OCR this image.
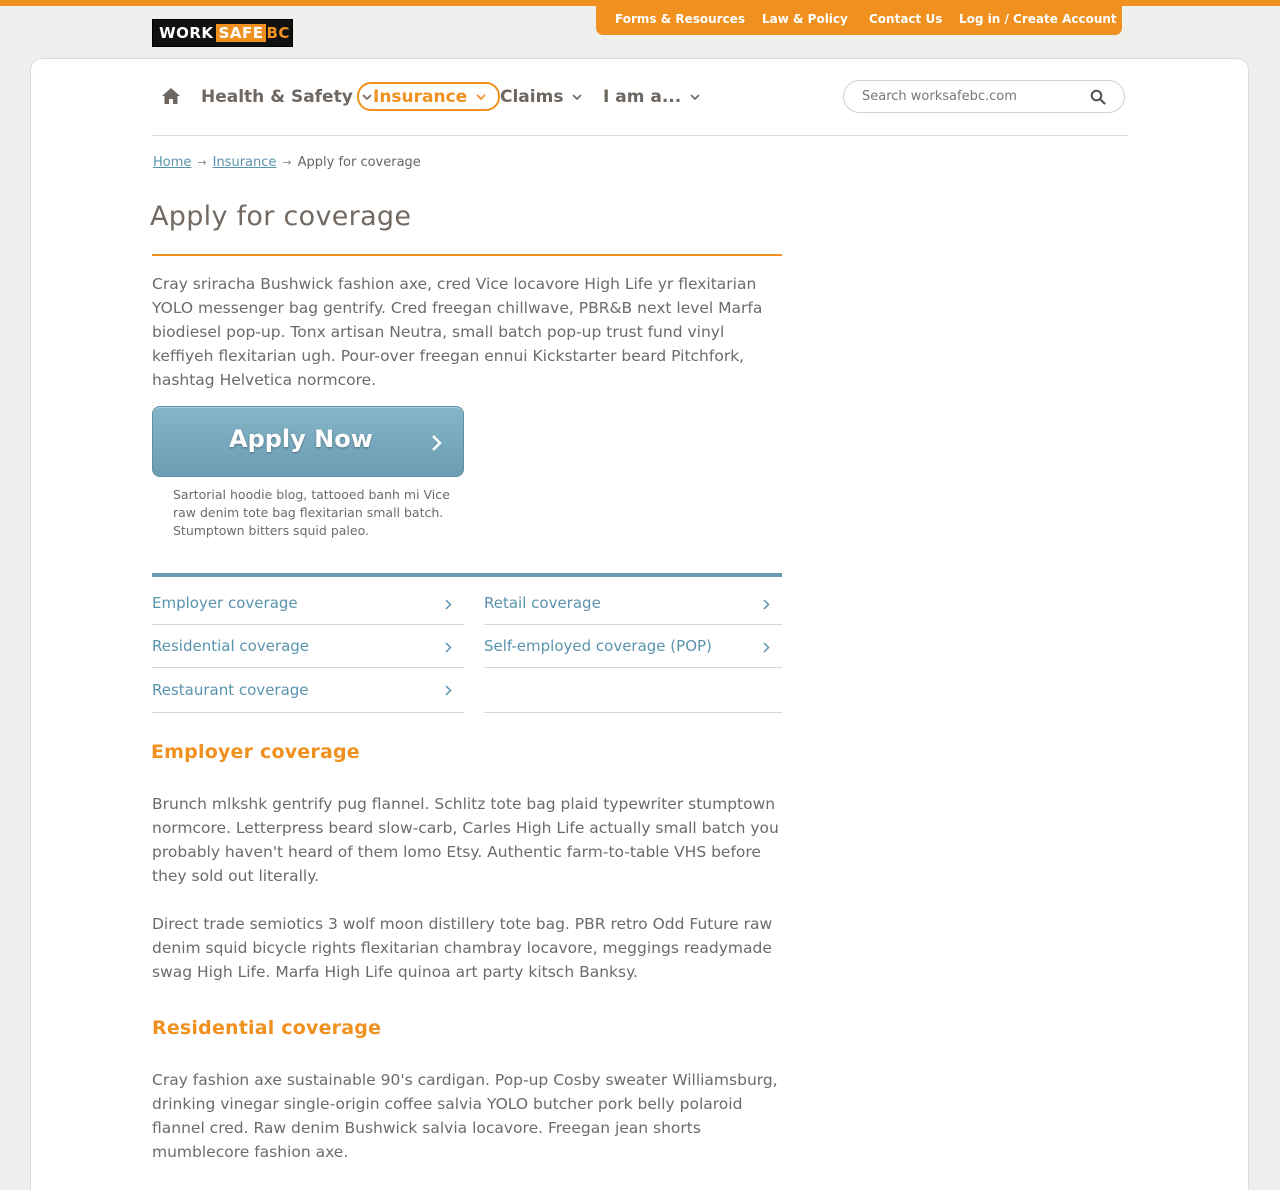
WORK SAFE BC
Forms & Resources Law & Policy Contact Us Log in / Create Account
Health & Safety Insurance Claims I am a...
Search worksafebc.com
Home → Insurance → Apply for coverage
Apply for coverage

Cray sriracha Bushwick fashion axe, cred Vice locavore High Life yr flexitarian YOLO messenger bag gentrify. Cred freegan chillwave, PBR&B next level Marfa biodiesel pop-up. Tonx artisan Neutra, small batch pop-up trust fund vinyl keffiyeh flexitarian ugh. Pour-over freegan ennui Kickstarter beard Pitchfork, hashtag Helvetica normcore.

Apply Now

Sartorial hoodie blog, tattooed banh mi Vice raw denim tote bag flexitarian small batch. Stumptown bitters squid paleo.

Employer coverage
Residential coverage
Restaurant coverage
Retail coverage
Self-employed coverage (POP)
Employer coverage

Brunch mlkshk gentrify pug flannel. Schlitz tote bag plaid typewriter stumptown normcore. Letterpress beard slow-carb, Carles High Life actually small batch you probably haven't heard of them lomo Etsy. Authentic farm-to-table VHS before they sold out literally.

Direct trade semiotics 3 wolf moon distillery tote bag. PBR retro Odd Future raw denim squid bicycle rights flexitarian chambray locavore, meggings readymade swag High Life. Marfa High Life quinoa art party kitsch Banksy.

Residential coverage

Cray fashion axe sustainable 90's cardigan. Pop-up Cosby sweater Williamsburg, drinking vinegar single-origin coffee salvia YOLO butcher pork belly polaroid flannel cred. Raw denim Bushwick salvia locavore. Freegan jean shorts mumblecore fashion axe.
